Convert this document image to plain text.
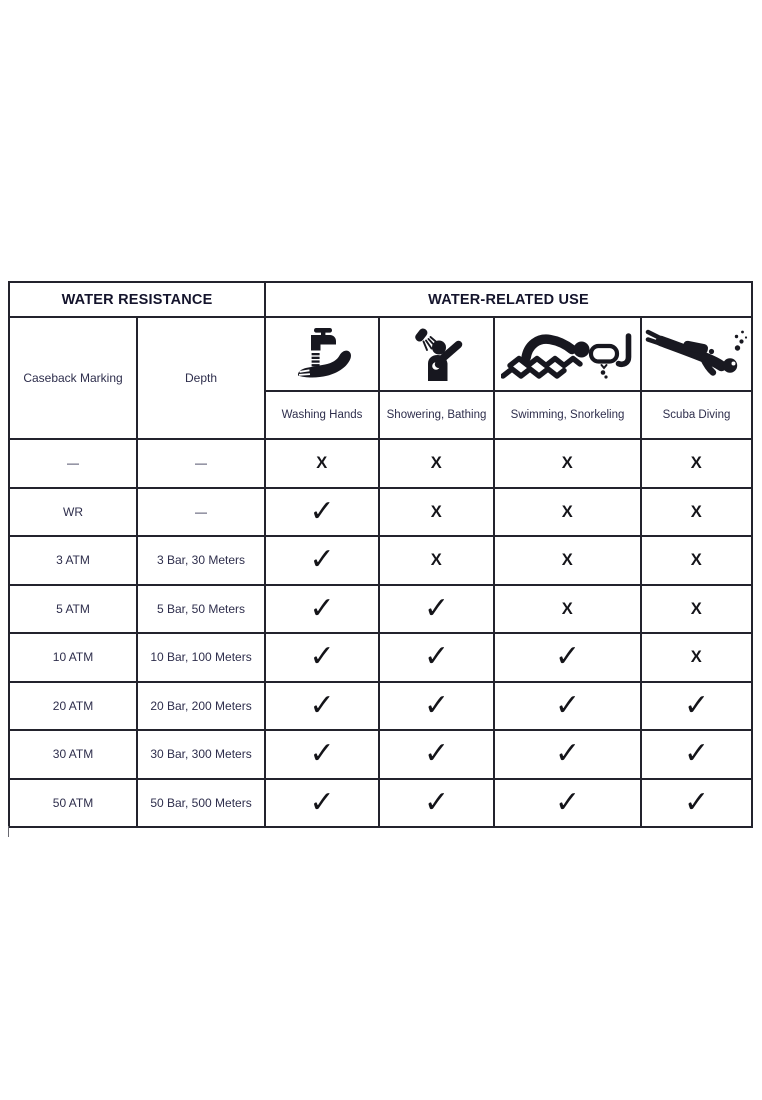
WATER RESISTANCE		WATER-RELATED USE			
Caseback Marking	Depth	

		Washing Hands	Showering, Bathing	Swimming, Snorkeling	Scuba Diving
—	—	X	X	X	X
WR	—	✓	X	X	X
3 ATM	3 Bar, 30 Meters	✓	X	X	X
5 ATM	5 Bar, 50 Meters	✓	✓	X	X
10 ATM	10 Bar, 100 Meters	✓	✓	✓	X
20 ATM	20 Bar, 200 Meters	✓	✓	✓	✓
30 ATM	30 Bar, 300 Meters	✓	✓	✓	✓
50 ATM	50 Bar, 500 Meters	✓	✓	✓	✓
